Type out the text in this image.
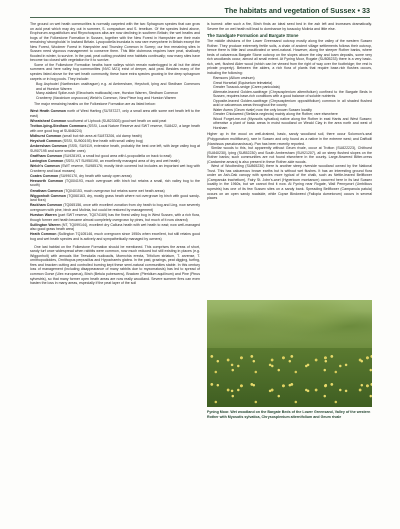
The habitats and vegetation of Sussex • 33

The ground on wet heath communities is normally carpeted with the two Sphagnum species that can grow on acid peat which may dry out in summer, S. compactum and S. tenellum. Of the species listed above, Erophorum angustifolium and Rhynchospora alba are now declining in southern Britain; the wet heaths and bogs of the Folkestone Formation in Sussex, together with the New Forest in Hampshire are their main remaining 'strongholds' in lowland Britain. Lycopodiella inundata is now rare everywhere in Britain except the New Forest, Woolmer Forest in Hampshire and Thursley Common in Surrey; our few remaining sites in Sussex need vigorous management to conserve them. This little clubmoss requires bare peat, shallowly flooded in winter, to survive. In the past, peat cutting provided new habitats continually; now many sites have become too closed with vegetation for it to survive.

Some of the Folkestone Formation heaths have valleys which remain waterlogged in all but the driest summers and here valley bog communities (NVC M21) exist of deeper, acid peat. Besides many of the species listed above for the wet heath community, these have extra species growing in the deep sphagnum carpets or in bog pools. They include:

Bog Asphodel (Narthecium ossifragum) e.g. at Ambersham, Heyshott, Iping and Stedham Commons and at Hurston Warren
Many-stalked Spike-rush (Eleocharis multicaulis) rare, Hurston Warren, Stedham Common
Cranberry (Vaccinium oxycoccos) Welch's Common, New Piece bog and Hurston Warren

The major remaining heaths on the Folkestone Formation are as listed below:

West Heath Common north of West Harting (SU787227, only a small area with some wet heath left to the east)
Wheatsheaf Common southwest of Liphook (SU823303) good wet heath on acid peat
Trotton-Iping-Stedham Commons (SSSI, Local Nature Reserve and SWT reserve, SU8422, a large heath with one good bog at SU846224)
Midhurst Common (small but rich area at SU873206, old damp heath)
Heyshott Common (SSSI, SU900193) fine heath with small valley bog)
Ambersham Common (SSSI, SU9119, extensive heath, probably the best one left, with large valley bog at SU907195 and some smaller ones)
Graffham Common (SU928193, a small but good area with Lycopodiella on track to east)
Lavington Common (SSSI, NT SU950190, an excellently managed area of dry and wet heath)
Welch's Common (SWT reserve, SU985176; mostly birch covered but includes an important wet bog with Cranberry and local mosses)
Coates Common (SU990170, dry heath with sandy open areas)
Hesworth Common (TQ004193, much overgrown with birch but retains a small, rich valley bog to the south)
Greatham Common (TQ040153, much overgrown but retains some wet heath areas)
Wiggonholt Common (TQ060163, dry, mostly grass heath where not overgrown by birch with good sandy-land flora)
Rackham Common (TQ065156, once with excellent zonation from dry heath to bog and Ling, now severely overgrown with pine, birch and Molinia, but could be restored by management)
Hurston Warren (part SWT reserve, TQ074169) has the finest valley bog in West Sussex, with a rich flora, though former wet heath became almost completely overgrown by pines, but much of it now cleared)
Sullington Warren (NT, TQ099144), excellent dry Calluna heath with wet heath to east; now well-managed also good grass heath area)
Heath Common (Sullington TQ105146, much overgrown since 1950s when excellent, but still retains good bog and wet heath species and is actively and sympathetically managed by owners)

One last habitat on the Folkestone Formation should be mentioned. This comprises the areas of short, sandy turf once widespread when rabbits were common, now much reduced but still existing in places (e.g. Wiggonholt) with annuals like Teesdalia nudicaulis, Moenchia erecta, Trifolium striatum, T. arvense, T. ornithopodioides, Ornithopus perpusillus and Hypochaeris glabra. In the past, grazings, peat digging, turfing, fires and bracken cutting and controlled burning kept these semi-natural communities stable. In this century loss of management (including disappearance of many rabbits due to myxomatosis) has led to spread of common Gorse (Ulex europaeus), Birch (Betula pubescens), Bracken (Pteridium aquilinum) and Pine (Pinus sylvestris), so that many former open heath areas are now really woodland. Severe summer fires can even hasten the loss in many areas, especially if the peat layer of the soil

is burned: after such a fire, Birch finds an ideal seed bed in the ash left and increases dramatically. Severe fire on wet heath will lead to dominance by tussocky Molinia and little else.

The Sandgate Formation and Bargate Stone

The middle divisions of the Lower Greensand outcrop mostly along the valley of the western Sussex Rother. They produce extremely fertile soils, a chain of ancient village settlements follows their outcrop, hence there is little land uncultivated or semi-natural. However, along the steeper Rother banks, where beds of calcareous Bargate Stone outcrop on the slopes above the clay and loam deposits, some very rich woodlands occur, almost all small extent. At Fyning Moor, Rogate (SU805233) there is a very basic-rich, wet, flushed Alder wood (which can be viewed from the right of way over the footbridge; the rest is private property). Between the alders, a rich flora of plants that require base-rich flushes occurs, including the following:

Ramsons (Allium ursinum)
Great Horsetail (Equisetum telmateia)
Greater Tussock-sedge (Carex paniculata)
Alternate-leaved Golden-saxifrage (Chrysosplenium alternifolium) confined to the Bargate Beds in Sussex, requires base-rich conditions with a good balance of soluble nutrients
Opposite-leaved Golden-saxifrage (Chrysosplenium oppositifolium) common in all shaded flushed acid or calcareous areas throughout the county
Water Avens (Geum rivale) now the only known Sussex locality
Greater Chickweed (Stellaria neglecta) mainly along the Rother; rare elsewhere
Wood Forget-me-not (Myosotis sylvatica) native along the Rother in east Hants and West Sussex; otherwise a plant of basic areas in moist woodland on Weald Clay in the area north and west of Horsham

Higher up in the wood on well-drained, basic, sandy woodland soil, there occur Solomon's-seal (Polygonatum multiflorum), rare in Sussex and only found as a native in the extreme west; and Daffodil (Narcissus pseudonarcissus). Pan has been recently reported.

Similar woods to this, but apparently without Geum rivale, occur at Trotton (SU822223), Chithurst (SU840230), Iping (SU852230) and South Ambersham (SU921207), all on steep flushed slopes on the Rother banks; such communities are not found elsewhere in the county. Large-flowered Bitter-cress (Cardamine amara) is also present in these Rother-side woods.

West of Woolbeding (SU865230) there is another steep riverside woodland owned by the National Trust. This has calcareous brown earths but is without wet flushes. It has an interesting ground flora under an Ash-Oak canopy with species more typical of the chalk, such as Nettle-leaved Bellflower (Campanula trachelium), Fairy St. John's-wort (Hypericum montanum) occurred here in its last Sussex locality in the 1960s, but we cannot find it now. At Fyning near Rogate, Wall Pennywort (Umbilicus rupestris) has one of its few Sussex sites on a sandy bank. Spreading Bellflower (Campanula patula) occurs on an open sandy roadside, while Copse Bindweed (Fallopia dumetorum) occurs in several places

Fyning Moor. Wet woodland on the Bargate Beds of the Lower Greensand, Valley of the western Rother with Myosotis sylvatica, Chrysosplenium alternifolium and Geum rivale
